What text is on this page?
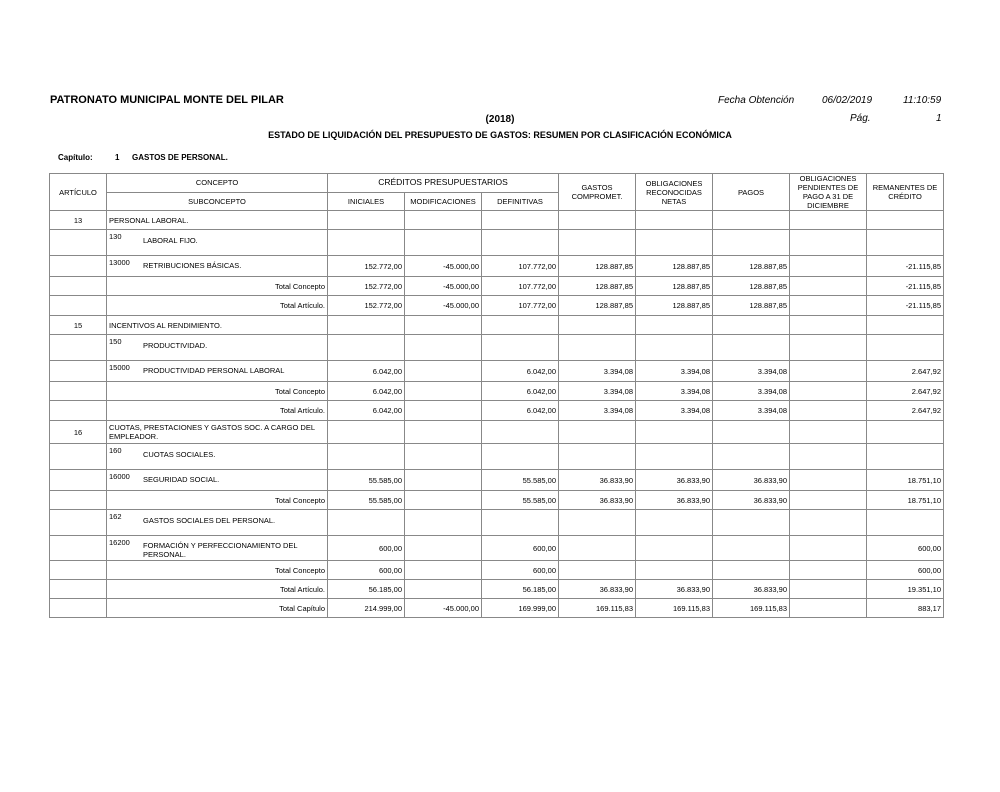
PATRONATO MUNICIPAL MONTE DEL PILAR	Fecha Obtención	06/02/2019	11:10:59
Pág.	1
(2018)
ESTADO DE LIQUIDACIÓN DEL PRESUPUESTO DE GASTOS: RESUMEN POR CLASIFICACIÓN ECONÓMICA
Capítulo:	1 GASTOS DE PERSONAL.
ARTÍCULO	CONCEPTO	CRÉDITOS PRESUPUESTARIOS			GASTOS COMPROMET.	OBLIGACIONES RECONOCIDAS NETAS	PAGOS	OBLIGACIONES PENDIENTES DE PAGO A 31 DE DICIEMBRE	REMANENTES DE CRÉDITO
	SUBCONCEPTO	INICIALES	MODIFICACIONES	DEFINITIVAS					
13	PERSONAL LABORAL.								

	130 LABORAL FIJO.								

	13000 RETRIBUCIONES BÁSICAS.	152.772,00	-45.000,00	107.772,00	128.887,85	128.887,85	128.887,85		-21.115,85
	Total Concepto	152.772,00	-45.000,00	107.772,00	128.887,85	128.887,85	128.887,85		-21.115,85
	Total Artículo.	152.772,00	-45.000,00	107.772,00	128.887,85	128.887,85	128.887,85		-21.115,85
15	INCENTIVOS AL RENDIMIENTO.								

	150 PRODUCTIVIDAD.								

	15000 PRODUCTIVIDAD PERSONAL LABORAL	6.042,00		6.042,00	3.394,08	3.394,08	3.394,08		2.647,92
	Total Concepto	6.042,00		6.042,00	3.394,08	3.394,08	3.394,08		2.647,92
	Total Artículo.	6.042,00		6.042,00	3.394,08	3.394,08	3.394,08		2.647,92
16	CUOTAS, PRESTACIONES Y GASTOS SOC. A CARGO DEL EMPLEADOR.								

	160 CUOTAS SOCIALES.								

	16000 SEGURIDAD SOCIAL.	55.585,00		55.585,00	36.833,90	36.833,90	36.833,90		18.751,10
	Total Concepto	55.585,00		55.585,00	36.833,90	36.833,90	36.833,90		18.751,10

	162 GASTOS SOCIALES DEL PERSONAL.								

	16200 FORMACIÓN Y PERFECCIONAMIENTO DEL PERSONAL.	600,00		600,00					600,00
	Total Concepto	600,00		600,00					600,00
	Total Artículo.	56.185,00		56.185,00	36.833,90	36.833,90	36.833,90		19.351,10
	Total Capítulo	214.999,00	-45.000,00	169.999,00	169.115,83	169.115,83	169.115,83		883,17
